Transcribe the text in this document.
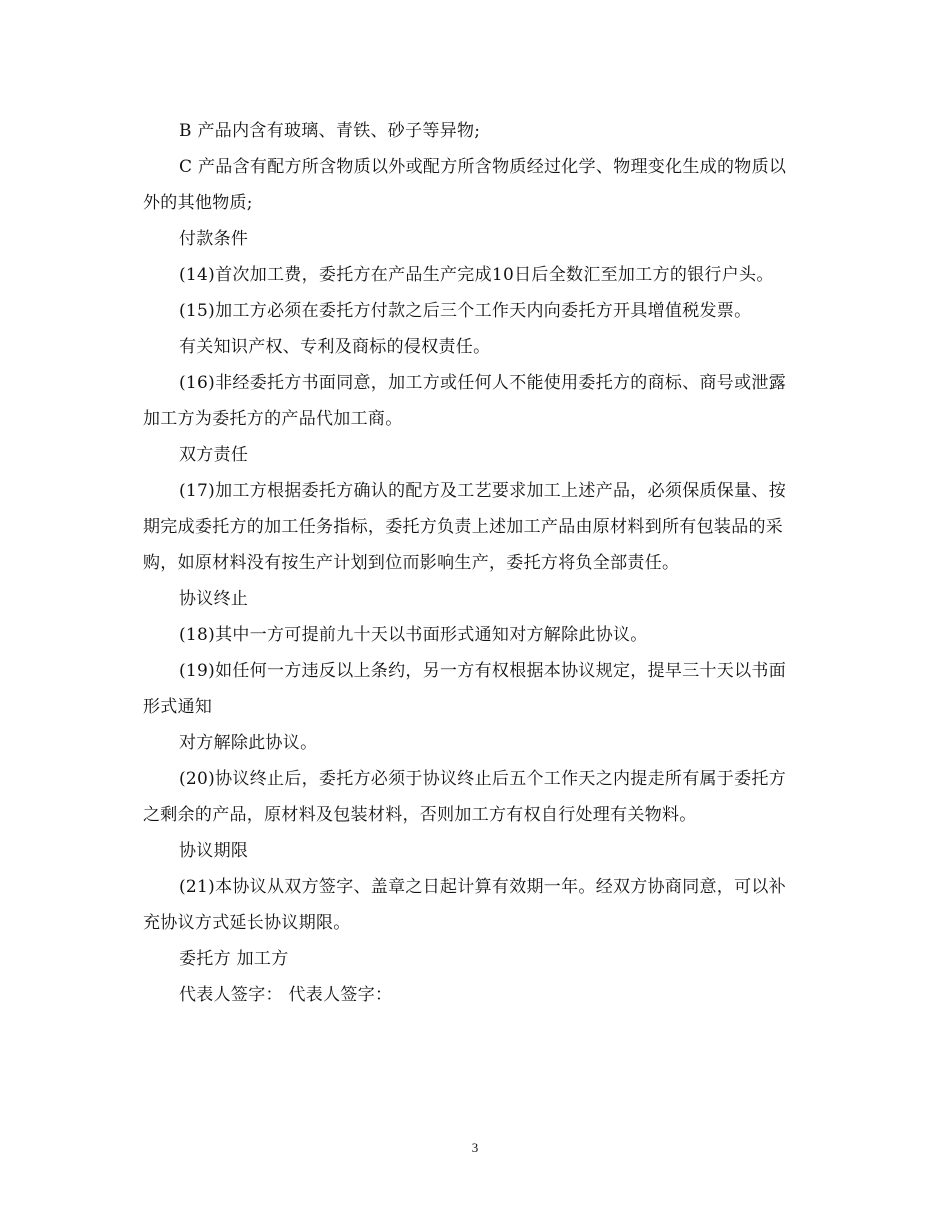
B 产品内含有玻璃、青铁、砂子等异物;

C 产品含有配方所含物质以外或配方所含物质经过化学、物理变化生成的物质以外的其他物质;

付款条件

(14)首次加工费，委托方在产品生产完成10日后全数汇至加工方的银行户头。

(15)加工方必须在委托方付款之后三个工作天内向委托方开具增值税发票。

有关知识产权、专利及商标的侵权责任。

(16)非经委托方书面同意，加工方或任何人不能使用委托方的商标、商号或泄露加工方为委托方的产品代加工商。

双方责任

(17)加工方根据委托方确认的配方及工艺要求加工上述产品，必须保质保量、按期完成委托方的加工任务指标，委托方负责上述加工产品由原材料到所有包装品的采购，如原材料没有按生产计划到位而影响生产，委托方将负全部责任。

协议终止

(18)其中一方可提前九十天以书面形式通知对方解除此协议。

(19)如任何一方违反以上条约，另一方有权根据本协议规定，提早三十天以书面形式通知

对方解除此协议。

(20)协议终止后，委托方必须于协议终止后五个工作天之内提走所有属于委托方之剩余的产品，原材料及包装材料，否则加工方有权自行处理有关物料。

协议期限

(21)本协议从双方签字、盖章之日起计算有效期一年。经双方协商同意，可以补充协议方式延长协议期限。

委托方 加工方

代表人签字： 代表人签字：

3
